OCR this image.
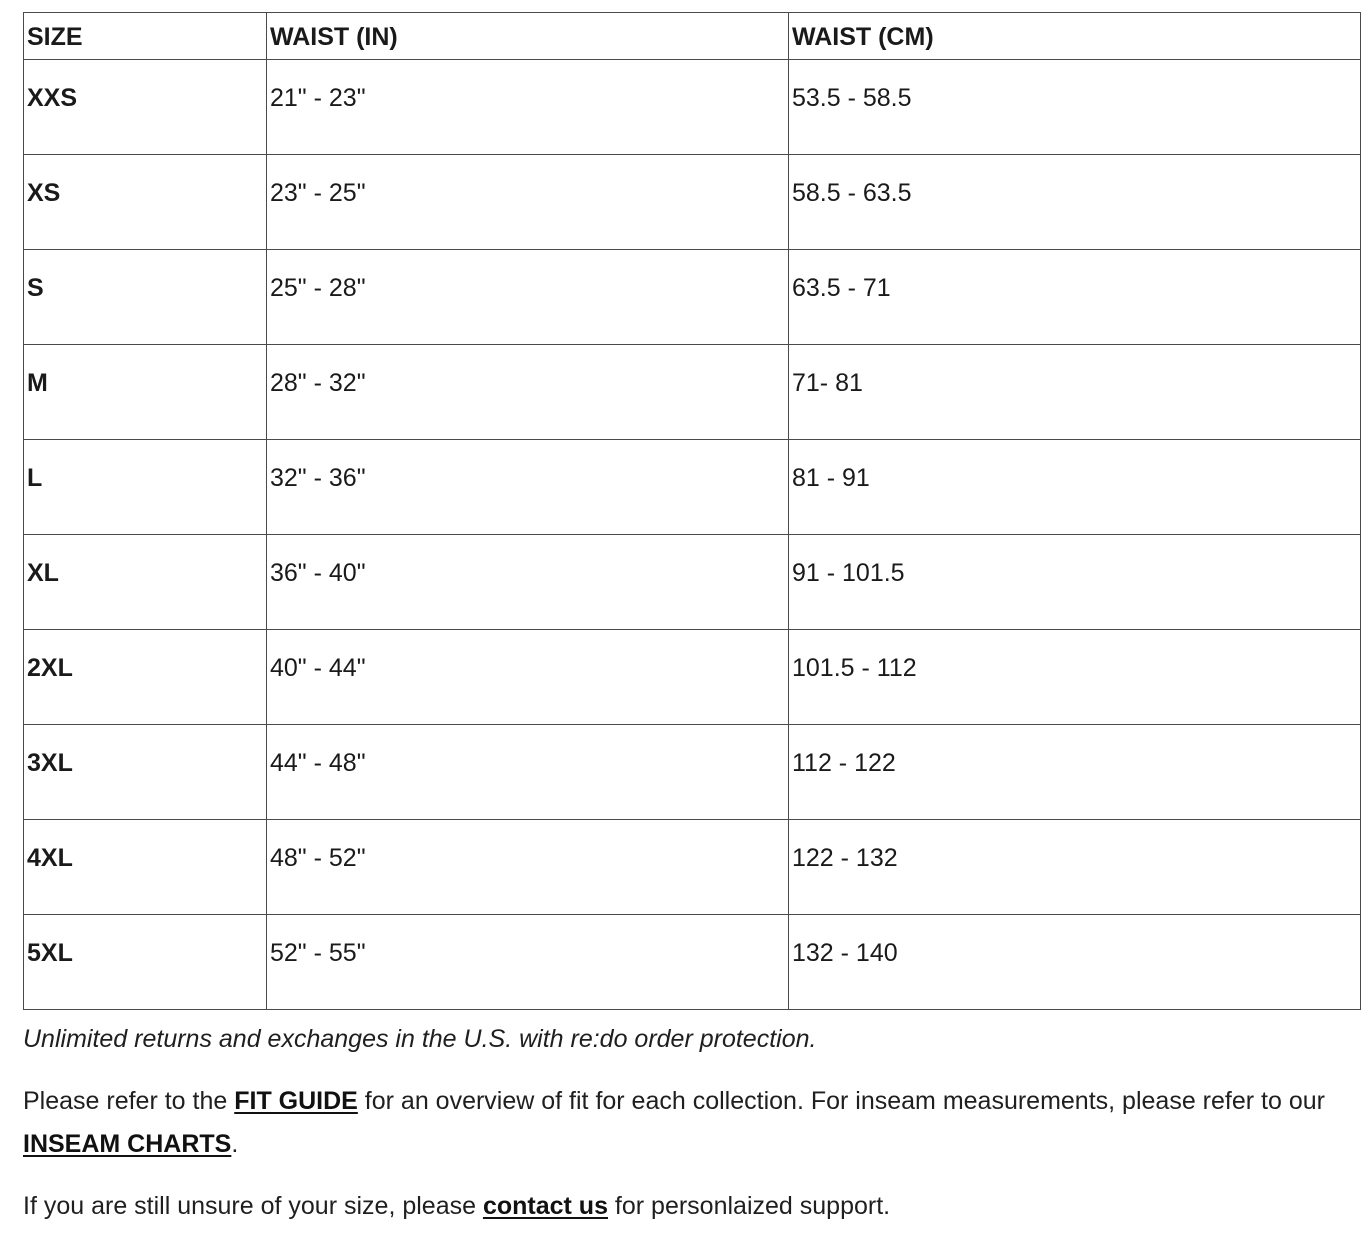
SIZE	WAIST (IN)	WAIST (CM)
XXS	21" - 23"	53.5 - 58.5
XS	23" - 25"	58.5 - 63.5
S	25" - 28"	63.5 - 71
M	28" - 32"	71- 81
L	32" - 36"	81 - 91
XL	36" - 40"	91 - 101.5
2XL	40" - 44"	101.5 - 112
3XL	44" - 48"	112 - 122
4XL	48" - 52"	122 - 132
5XL	52" - 55"	132 - 140

Unlimited returns and exchanges in the U.S. with re:do order protection.

Please refer to the FIT GUIDE for an overview of fit for each collection. For inseam measurements, please refer to our INSEAM CHARTS.

If you are still unsure of your size, please contact us for personlaized support.
